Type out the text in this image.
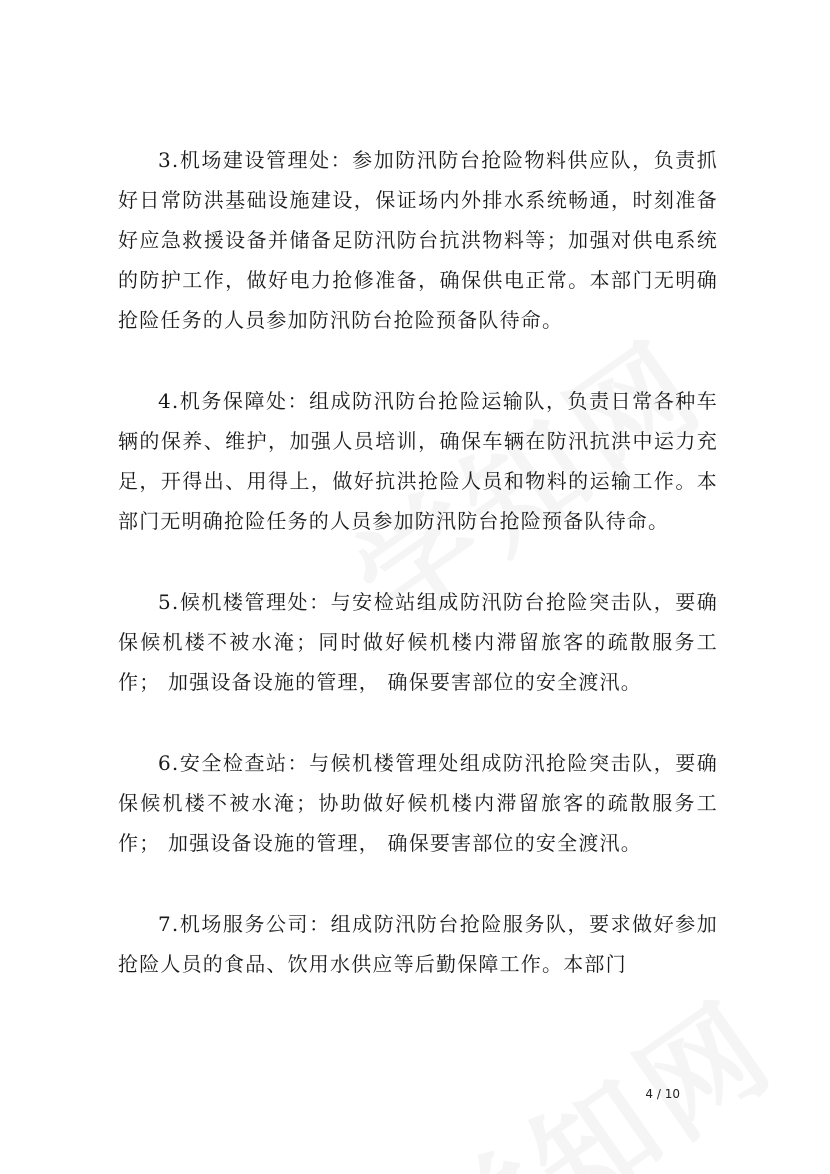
3.机场建设管理处：参加防汛防台抢险物料供应队，负责抓好日常防洪基础设施建设，保证场内外排水系统畅通，时刻准备好应急救援设备并储备足防汛防台抗洪物料等；加强对供电系统的防护工作，做好电力抢修准备，确保供电正常。本部门无明确抢险任务的人员参加防汛防台抢险预备队待命。

4.机务保障处：组成防汛防台抢险运输队，负责日常各种车辆的保养、维护，加强人员培训，确保车辆在防汛抗洪中运力充足，开得出、用得上，做好抗洪抢险人员和物料的运输工作。本部门无明确抢险任务的人员参加防汛防台抢险预备队待命。

5.候机楼管理处：与安检站组成防汛防台抢险突击队，要确保候机楼不被水淹；同时做好候机楼内滞留旅客的疏散服务工作； 加强设备设施的管理， 确保要害部位的安全渡汛。

6.安全检查站：与候机楼管理处组成防汛抢险突击队，要确保候机楼不被水淹；协助做好候机楼内滞留旅客的疏散服务工作； 加强设备设施的管理， 确保要害部位的安全渡汛。

7.机场服务公司：组成防汛防台抢险服务队，要求做好参加抢险人员的食品、饮用水供应等后勤保障工作。本部门

4 / 10
